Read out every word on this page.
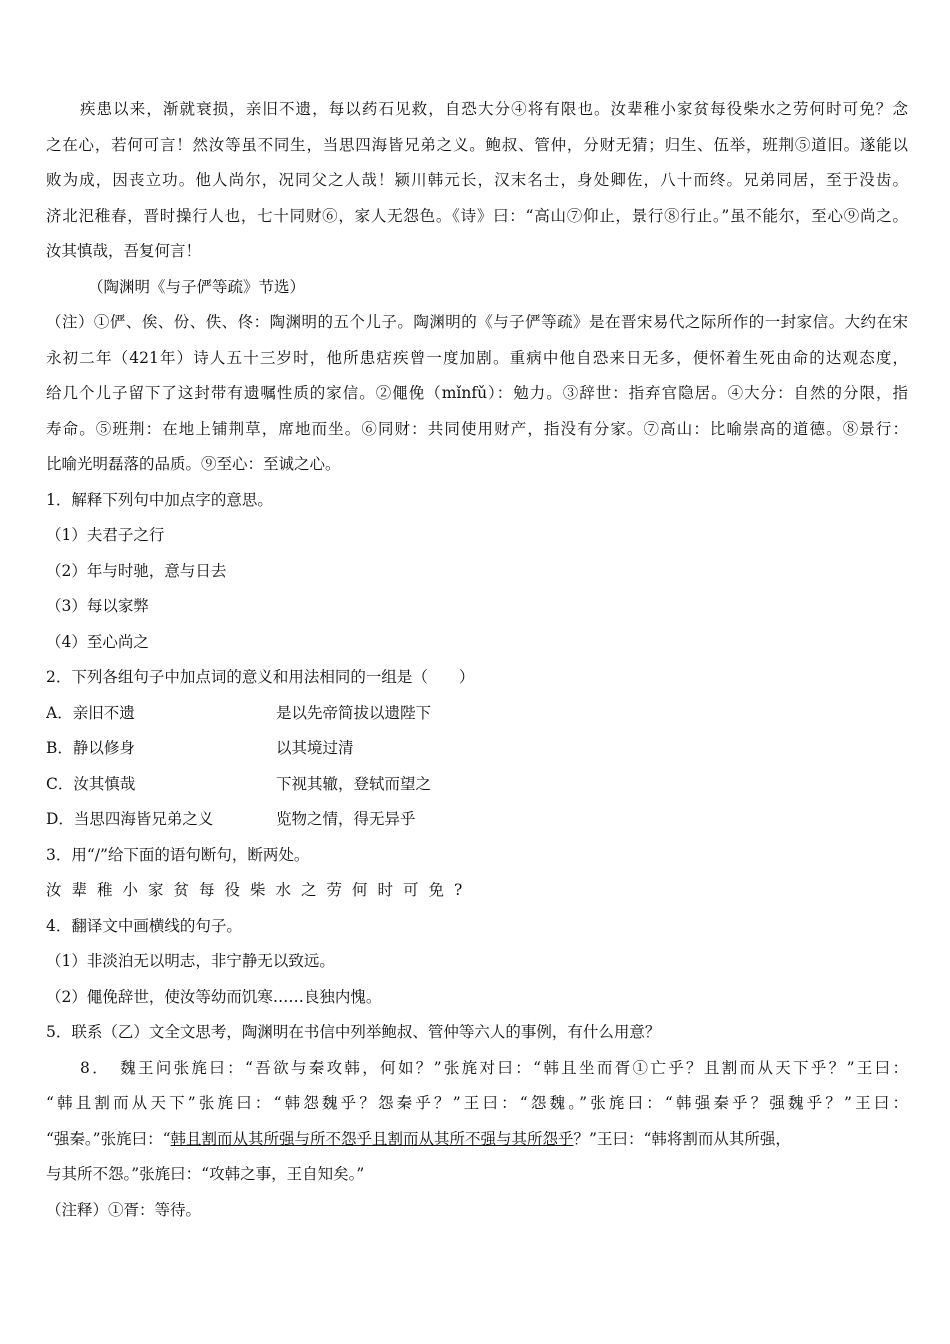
疾患以来，渐就衰损，亲旧不遗，每以药石见救，自恐大分④将有限也。汝辈稚小家贫每役柴水之劳何时可免？念
之在心，若何可言！然汝等虽不同生，当思四海皆兄弟之义。鲍叔、管仲，分财无猜；归生、伍举，班荆⑤道旧。遂能以
败为成，因丧立功。他人尚尔，况同父之人哉！颍川韩元长，汉末名士，身处卿佐，八十而终。兄弟同居，至于没齿。
济北汜稚春，晋时操行人也，七十同财⑥，家人无怨色。《诗》曰：“高山⑦仰止，景行⑧行止。”虽不能尔，至心⑨尚之。
汝其慎哉，吾复何言！
（陶渊明《与子俨等疏》节选）
（注）①俨、俟、份、佚、佟：陶渊明的五个儿子。陶渊明的《与子俨等疏》是在晋宋易代之际所作的一封家信。大约在宋
永初二年（421年）诗人五十三岁时，他所患痁疾曾一度加剧。重病中他自恐来日无多，便怀着生死由命的达观态度，
给几个儿子留下了这封带有遗嘱性质的家信。②僶俛（mǐnfǔ）：勉力。③辞世：指弃官隐居。④大分：自然的分限，指
寿命。⑤班荆：在地上铺荆草，席地而坐。⑥同财：共同使用财产，指没有分家。⑦高山：比喻崇高的道德。⑧景行：
比喻光明磊落的品质。⑨至心：至诚之心。
1．解释下列句中加点字的意思。
（1）夫君子之行
（2）年与时驰，意与日去
（3）每以家弊
（4）至心尚之
2．下列各组句子中加点词的意义和用法相同的一组是（　　）
A．亲旧不遗	是以先帝简拔以遗陛下
B．静以修身	以其境过清
C．汝其慎哉	下视其辙，登轼而望之
D．当思四海皆兄弟之义	览物之情，得无异乎
3．用“/”给下面的语句断句，断两处。
汝辈稚小家贫每役柴水之劳何时可免?
4．翻译文中画横线的句子。
（1）非淡泊无以明志，非宁静无以致远。
（2）僶俛辞世，使汝等幼而饥寒……良独内愧。
5．联系（乙）文全文思考，陶渊明在书信中列举鲍叔、管仲等六人的事例，有什么用意？
8．　魏王问张旄曰：“吾欲与秦攻韩，何如？”张旄对曰：“韩且坐而胥①亡乎？且割而从天下乎？”王曰：
“韩且割而从天下”张旄曰：“韩怨魏乎？怨秦乎？”王曰：“怨魏。”张旄曰：“韩强秦乎？强魏乎？”王曰：
“强秦。”张旄曰：“韩且割而从其所强与所不怨乎且割而从其所不强与其所怨乎？”王曰：“韩将割而从其所强，
与其所不怨。”张旄曰：“攻韩之事，王自知矣。”
（注释）①胥：等待。
